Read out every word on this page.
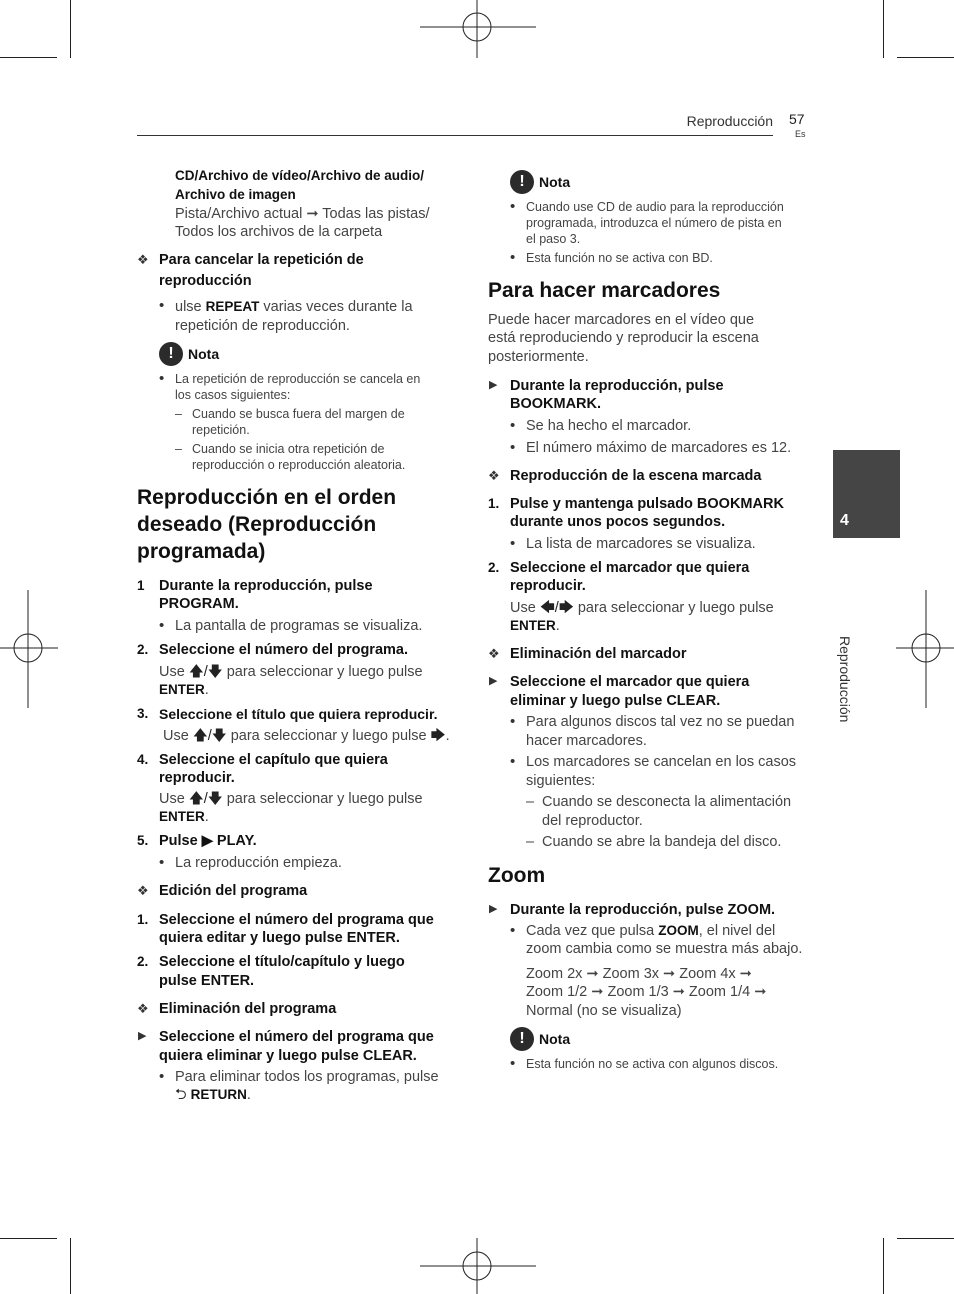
Reproducción 57
Es
4
Reproducción
CD/Archivo de vídeo/Archivo de audio/
Archivo de imagen
Pista/Archivo actual ➞ Todas las pistas/
Todos los archivos de la carpeta
❖ Para cancelar la repetición de
reproducción
• ulse REPEAT varias veces durante la
repetición de reproducción.
!	Nota
• La repetición de reproducción se cancela en
los casos siguientes:
– Cuando se busca fuera del margen de
repetición.
– Cuando se inicia otra repetición de
reproducción o reproducción aleatoria.
Reproducción en el orden
deseado (Reproducción
programada)
1 Durante la reproducción, pulse
PROGRAM.
• La pantalla de programas se visualiza.
2. Seleccione el número del programa.
Use 🡅/🡇 para seleccionar y luego pulse
ENTER.
3. Seleccione el título que quiera reproducir.
Use 🡅/🡇 para seleccionar y luego pulse 🡆.
4. Seleccione el capítulo que quiera
reproducir.
Use 🡅/🡇 para seleccionar y luego pulse
ENTER.
5. Pulse ▶ PLAY.
• La reproducción empieza.
❖ Edición del programa
1. Seleccione el número del programa que
quiera editar y luego pulse ENTER.
2. Seleccione el título/capítulo y luego
pulse ENTER.
❖ Eliminación del programa
▶ Seleccione el número del programa que
quiera eliminar y luego pulse CLEAR.
• Para eliminar todos los programas, pulse
⮌ RETURN.
!	Nota
• Cuando use CD de audio para la reproducción
programada, introduzca el número de pista en
el paso 3.
• Esta función no se activa con BD.
Para hacer marcadores
Puede hacer marcadores en el vídeo que
está reproduciendo y reproducir la escena
posteriormente.
▶ Durante la reproducción, pulse
BOOKMARK.
• Se ha hecho el marcador.
• El número máximo de marcadores es 12.
❖ Reproducción de la escena marcada
1. Pulse y mantenga pulsado BOOKMARK
durante unos pocos segundos.
• La lista de marcadores se visualiza.
2. Seleccione el marcador que quiera
reproducir.
Use 🡄/🡆 para seleccionar y luego pulse
ENTER.
❖ Eliminación del marcador
▶ Seleccione el marcador que quiera
eliminar y luego pulse CLEAR.
• Para algunos discos tal vez no se puedan
hacer marcadores.
• Los marcadores se cancelan en los casos
siguientes:
– Cuando se desconecta la alimentación
del reproductor.
– Cuando se abre la bandeja del disco.
Zoom
▶ Durante la reproducción, pulse ZOOM.
• Cada vez que pulsa ZOOM, el nivel del
zoom cambia como se muestra más abajo.
Zoom 2x ➞ Zoom 3x ➞ Zoom 4x ➞
Zoom 1/2 ➞ Zoom 1/3 ➞ Zoom 1/4 ➞
Normal (no se visualiza)
!	Nota
• Esta función no se activa con algunos discos.
